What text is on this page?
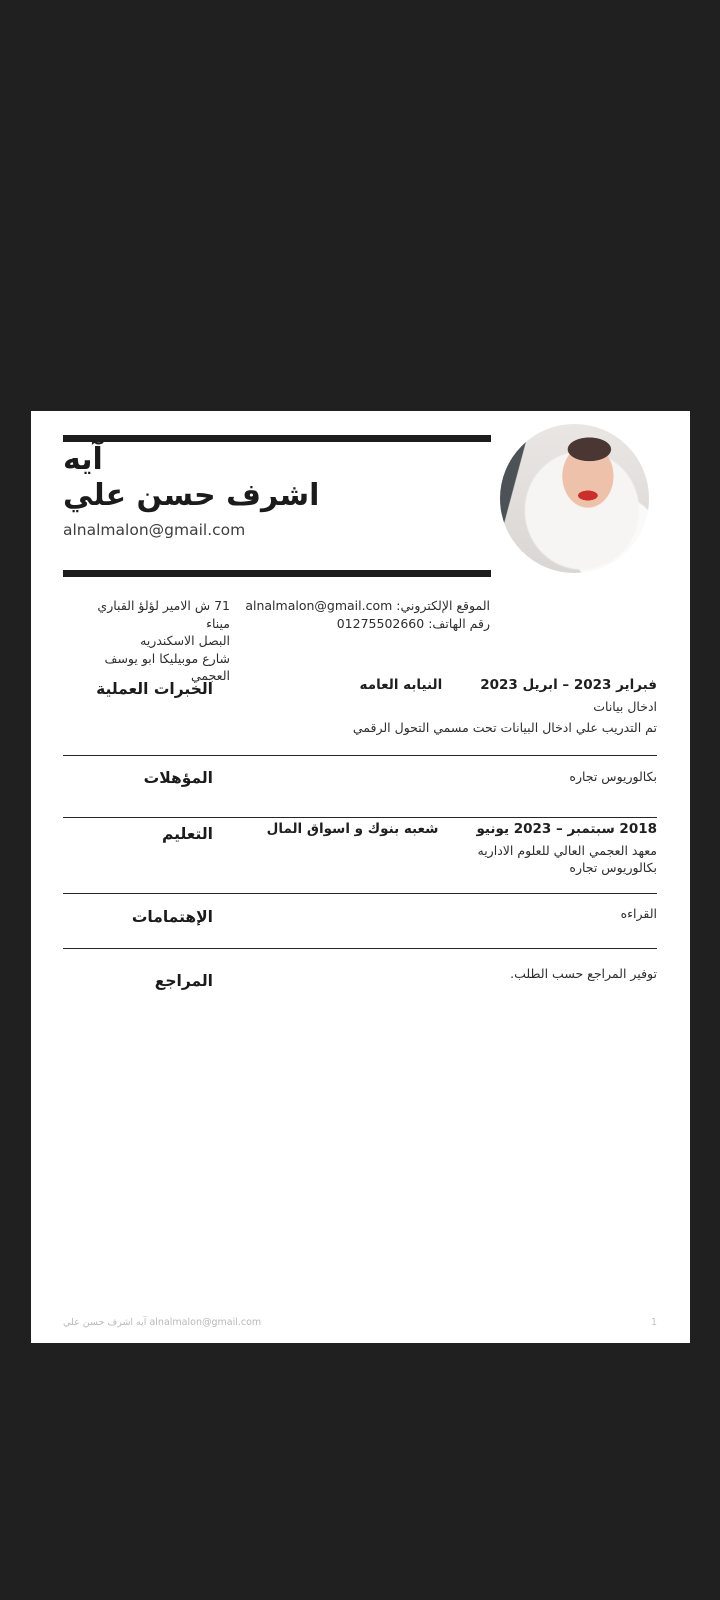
آيه
اشرف حسن علي
alnalmalon@gmail.com
71 ش الامير لؤلؤ القباري ميناء
البصل الاسكندريه
شارع موبيليكا ابو يوسف العجمي
الموقع الإلكتروني: alnalmalon@gmail.com
رقم الهاتف: 01275502660
الخبرات العملية	فبراير 2023 – ابريل 2023
النيابه العامه
ادخال بيانات
تم التدريب علي ادخال البيانات تحت مسمي التحول الرقمي
المؤهلات	بكالوريوس تجاره
التعليم	2018 سبتمبر – 2023 يونيو
شعبه بنوك و اسواق المال
معهد العجمي العالي للعلوم الاداريه
بكالوريوس تجاره
الإهتمامات	القراءه
المراجع	توفير المراجع حسب الطلب.
آيه اشرف حسن علي alnalmalon@gmail.com	1
